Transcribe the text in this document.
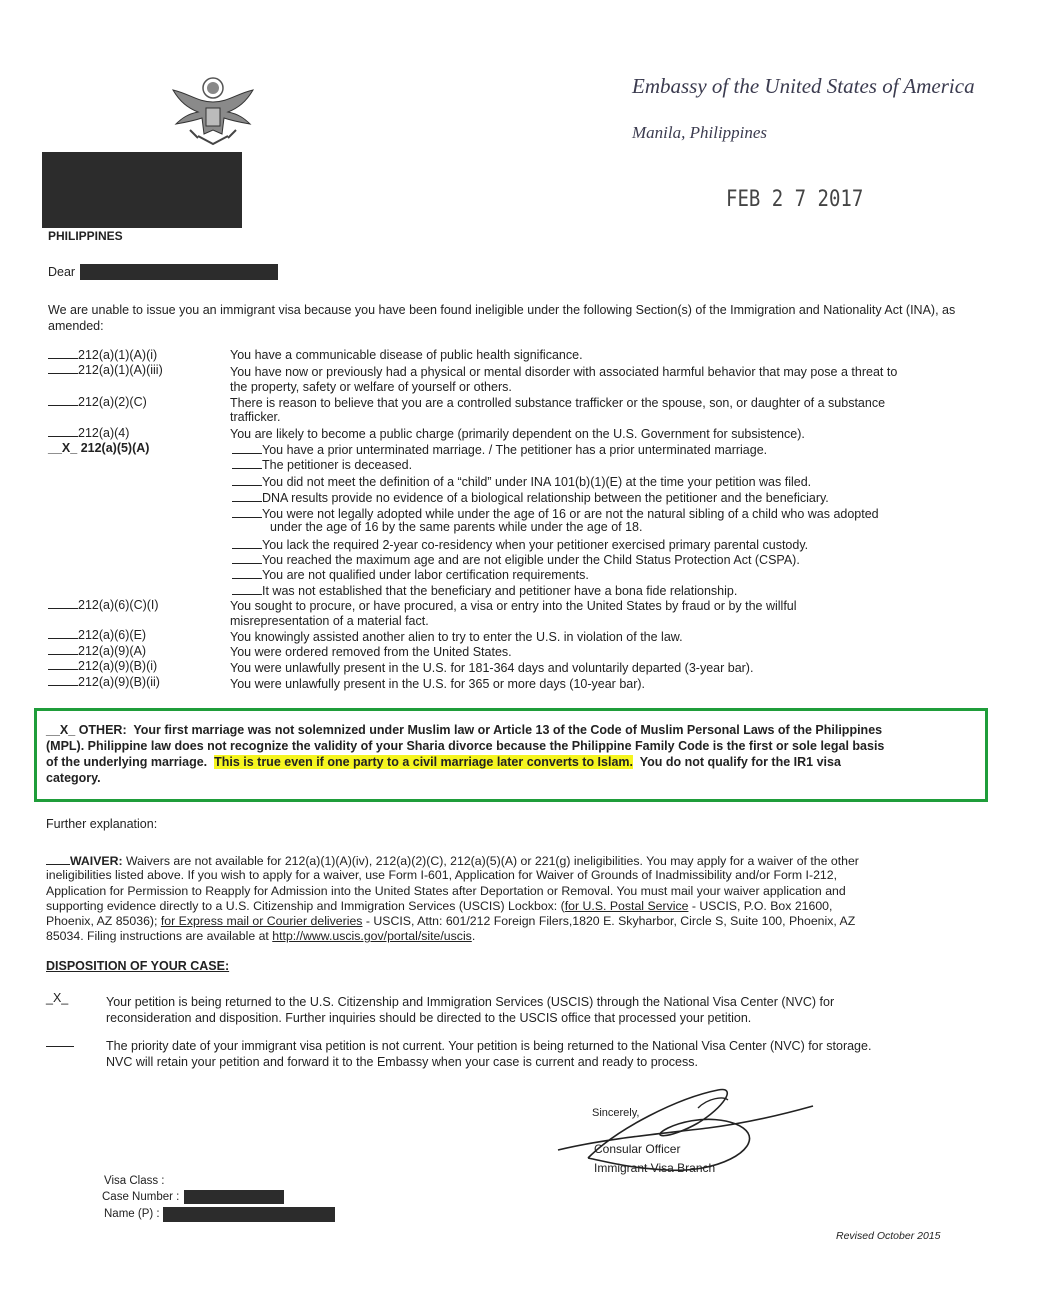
Embassy of the United States of America
Manila, Philippines
FEB 2 7 2017
PHILIPPINES
Dear
We are unable to issue you an immigrant visa because you have been found ineligible under the following Section(s) of the Immigration and Nationality Act (INA), as amended:
212(a)(1)(A)(i)	You have a communicable disease of public health significance.
212(a)(1)(A)(iii)	You have now or previously had a physical or mental disorder with associated harmful behavior that may pose a threat to
the property, safety or welfare of yourself or others.
212(a)(2)(C)	There is reason to believe that you are a controlled substance trafficker or the spouse, son, or daughter of a substance
trafficker.
212(a)(4)	You are likely to become a public charge (primarily dependent on the U.S. Government for subsistence).
__X_ 212(a)(5)(A)	You have a prior unterminated marriage. / The petitioner has a prior unterminated marriage.
The petitioner is deceased.
You did not meet the definition of a “child” under INA 101(b)(1)(E) at the time your petition was filed.
DNA results provide no evidence of a biological relationship between the petitioner and the beneficiary.
You were not legally adopted while under the age of 16 or are not the natural sibling of a child who was adopted
under the age of 16 by the same parents while under the age of 18.
You lack the required 2-year co-residency when your petitioner exercised primary parental custody.
You reached the maximum age and are not eligible under the Child Status Protection Act (CSPA).
You are not qualified under labor certification requirements.
It was not established that the beneficiary and petitioner have a bona fide relationship.
212(a)(6)(C)(I)	You sought to procure, or have procured, a visa or entry into the United States by fraud or by the willful
misrepresentation of a material fact.
212(a)(6)(E)	You knowingly assisted another alien to try to enter the U.S. in violation of the law.
212(a)(9)(A)	You were ordered removed from the United States.
212(a)(9)(B)(i)	You were unlawfully present in the U.S. for 181-364 days and voluntarily departed (3-year bar).
212(a)(9)(B)(ii)	You were unlawfully present in the U.S. for 365 or more days (10-year bar).
__X_ OTHER: Your first marriage was not solemnized under Muslim law or Article 13 of the Code of Muslim Personal Laws of the Philippines
(MPL). Philippine law does not recognize the validity of your Sharia divorce because the Philippine Family Code is the first or sole legal basis
of the underlying marriage. This is true even if one party to a civil marriage later converts to Islam. You do not qualify for the IR1 visa
category.
Further explanation:
WAIVER: Waivers are not available for 212(a)(1)(A)(iv), 212(a)(2)(C), 212(a)(5)(A) or 221(g) ineligibilities. You may apply for a waiver of the other
ineligibilities listed above. If you wish to apply for a waiver, use Form I-601, Application for Waiver of Grounds of Inadmissibility and/or Form I-212,
Application for Permission to Reapply for Admission into the United States after Deportation or Removal. You must mail your waiver application and
supporting evidence directly to a U.S. Citizenship and Immigration Services (USCIS) Lockbox: (for U.S. Postal Service - USCIS, P.O. Box 21600,
Phoenix, AZ 85036); for Express mail or Courier deliveries - USCIS, Attn: 601/212 Foreign Filers,1820 E. Skyharbor, Circle S, Suite 100, Phoenix, AZ
85034. Filing instructions are available at http://www.uscis.gov/portal/site/uscis.
DISPOSITION OF YOUR CASE:
_X_	Your petition is being returned to the U.S. Citizenship and Immigration Services (USCIS) through the National Visa Center (NVC) for
reconsideration and disposition. Further inquiries should be directed to the USCIS office that processed your petition.
The priority date of your immigrant visa petition is not current. Your petition is being returned to the National Visa Center (NVC) for storage.
NVC will retain your petition and forward it to the Embassy when your case is current and ready to process.
Sincerely,
Consular Officer
Immigrant Visa Branch
Visa Class :
Case Number :
Name (P) :
Revised October 2015
